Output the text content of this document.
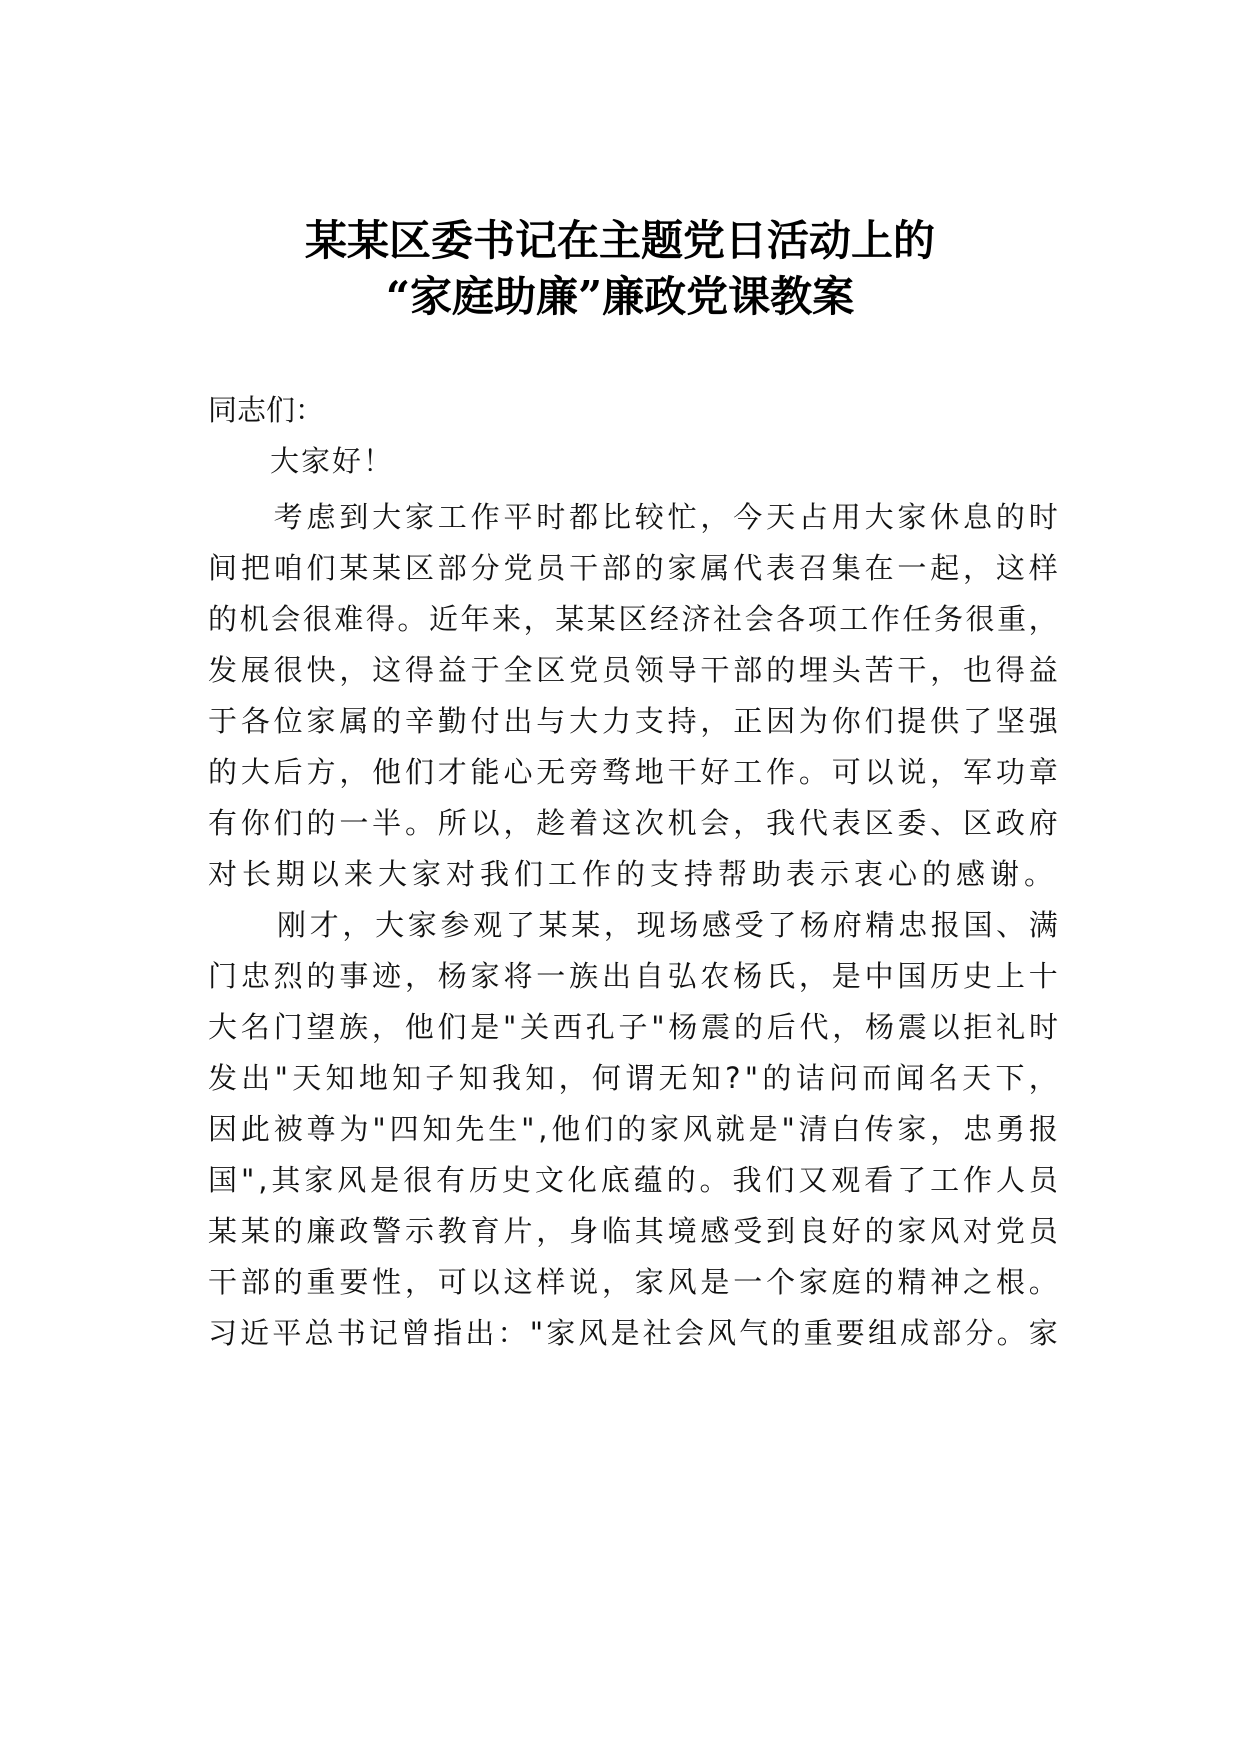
某某区委书记在主题党日活动上的
“家庭助廉”廉政党课教案
同志们：
大家好！

考 虑 到 大 家 工 作 平 时 都 比 较 忙 ， 今 天 占 用 大 家 休 息 的 时
间 把 咱 们 某 某 区 部 分 党 员 干 部 的 家 属 代 表 召 集 在 一 起 ， 这 样
的 机 会 很 难 得 。 近 年 来 ， 某 某 区 经 济 社 会 各 项 工 作 任 务 很 重 ，
发 展 很 快 ， 这 得 益 于 全 区 党 员 领 导 干 部 的 埋 头 苦 干 ， 也 得 益
于 各 位 家 属 的 辛 勤 付 出 与 大 力 支 持 ， 正 因 为 你 们 提 供 了 坚 强
的 大 后 方 ， 他 们 才 能 心 无 旁 骛 地 干 好 工 作 。 可 以 说 ， 军 功 章
有 你 们 的 一 半 。 所 以 ， 趁 着 这 次 机 会 ， 我 代 表 区 委 、 区 政 府
对长期以来大家对我们工作的支持帮助表示衷心的感谢。

刚 才 ， 大 家 参 观 了 某 某 ， 现 场 感 受 了 杨 府 精 忠 报 国 、 满
门 忠 烈 的 事 迹 ， 杨 家 将 一 族 出 自 弘 农 杨 氏 ， 是 中 国 历 史 上 十
大 名 门 望 族 ， 他 们 是 " 关 西 孔 子 " 杨 震 的 后 代 ， 杨 震 以 拒 礼 时
发 出 " 天 知 地 知 子 知 我 知 ， 何 谓 无 知 ? " 的 诘 问 而 闻 名 天 下 ，
因 此 被 尊 为 " 四 知 先 生 " , 他 们 的 家 风 就 是 " 清 白 传 家 ， 忠 勇 报
国 " , 其 家 风 是 很 有 历 史 文 化 底 蕴 的 。 我 们 又 观 看 了 工 作 人 员
某 某 的 廉 政 警 示 教 育 片 ， 身 临 其 境 感 受 到 良 好 的 家 风 对 党 员
干 部 的 重 要 性 ， 可 以 这 样 说 ， 家 风 是 一 个 家 庭 的 精 神 之 根 。
习 近 平 总 书 记 曾 指 出 ： " 家 风 是 社 会 风 气 的 重 要 组 成 部 分 。 家
